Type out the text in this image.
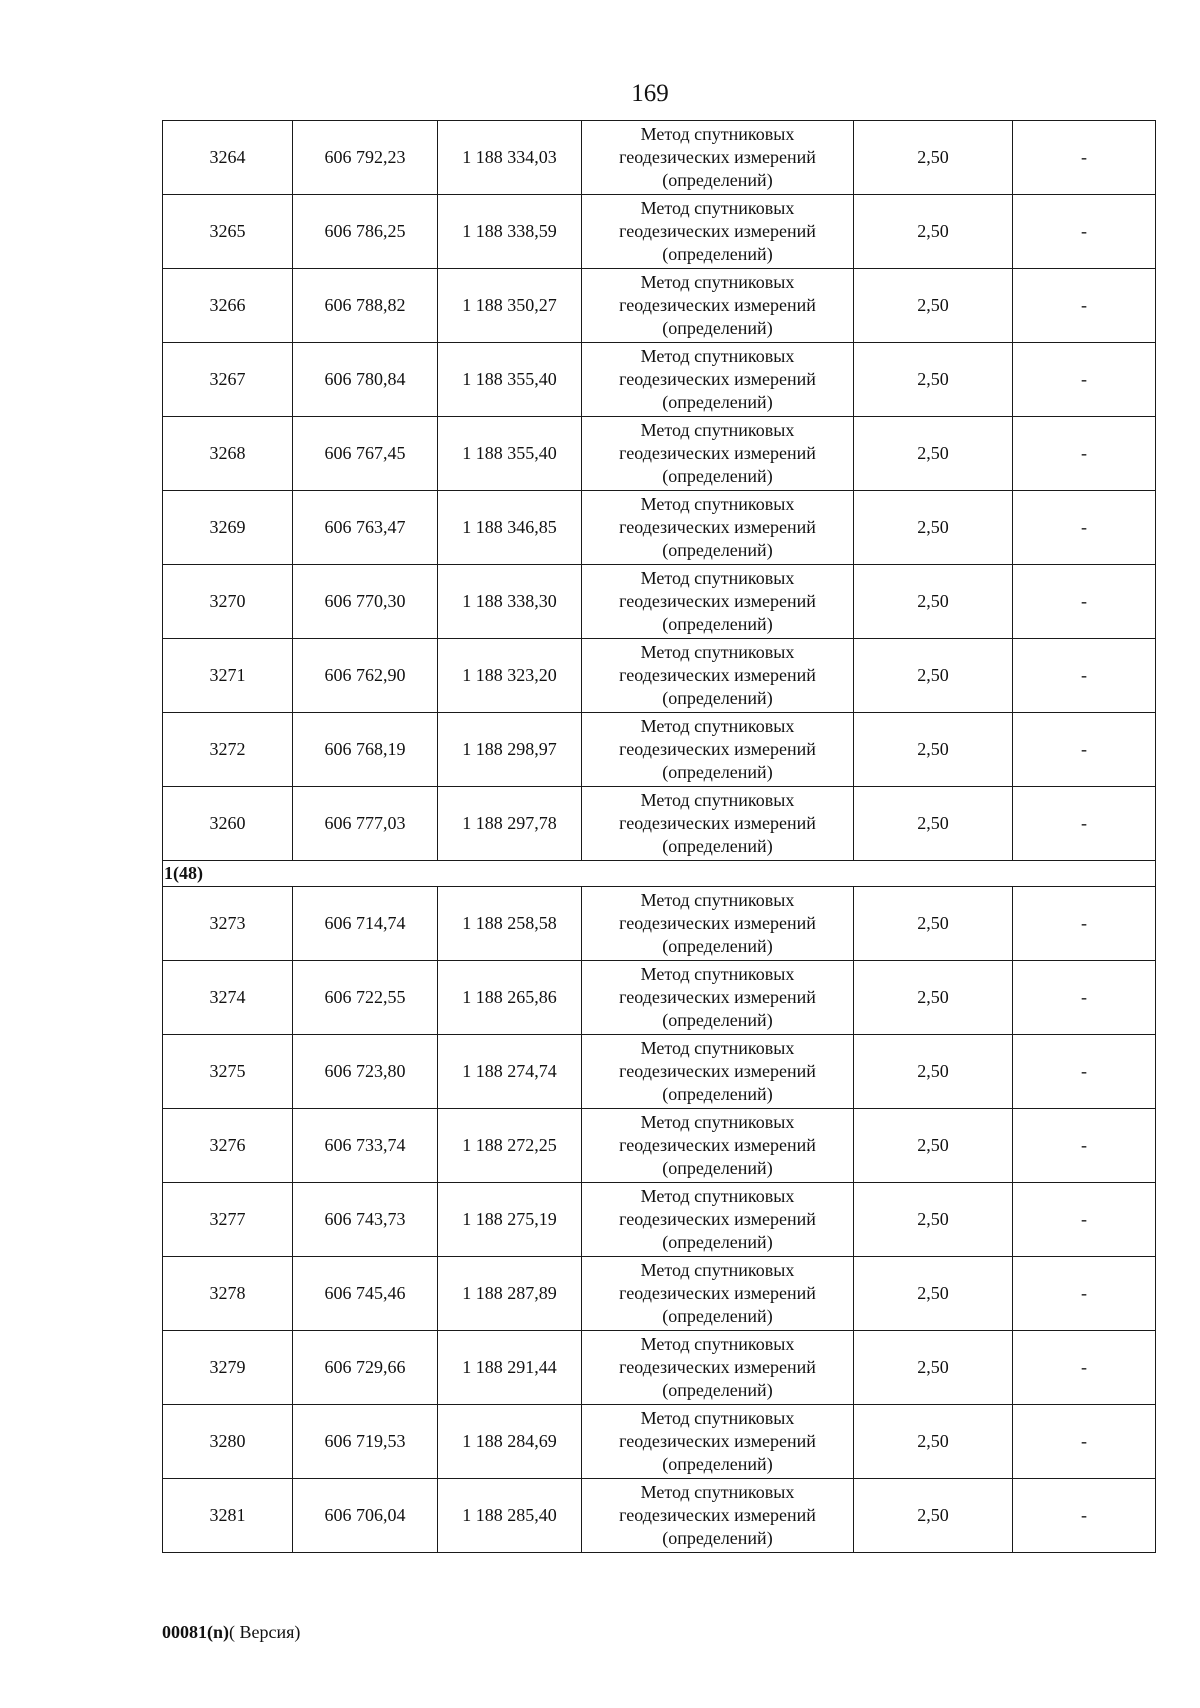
169
3264	606 792,23	1 188 334,03	Метод спутниковых
геодезических измерений
(определений)	2,50	-
3265	606 786,25	1 188 338,59	Метод спутниковых
геодезических измерений
(определений)	2,50	-
3266	606 788,82	1 188 350,27	Метод спутниковых
геодезических измерений
(определений)	2,50	-
3267	606 780,84	1 188 355,40	Метод спутниковых
геодезических измерений
(определений)	2,50	-
3268	606 767,45	1 188 355,40	Метод спутниковых
геодезических измерений
(определений)	2,50	-
3269	606 763,47	1 188 346,85	Метод спутниковых
геодезических измерений
(определений)	2,50	-
3270	606 770,30	1 188 338,30	Метод спутниковых
геодезических измерений
(определений)	2,50	-
3271	606 762,90	1 188 323,20	Метод спутниковых
геодезических измерений
(определений)	2,50	-
3272	606 768,19	1 188 298,97	Метод спутниковых
геодезических измерений
(определений)	2,50	-
3260	606 777,03	1 188 297,78	Метод спутниковых
геодезических измерений
(определений)	2,50	-
1(48)					
3273	606 714,74	1 188 258,58	Метод спутниковых
геодезических измерений
(определений)	2,50	-
3274	606 722,55	1 188 265,86	Метод спутниковых
геодезических измерений
(определений)	2,50	-
3275	606 723,80	1 188 274,74	Метод спутниковых
геодезических измерений
(определений)	2,50	-
3276	606 733,74	1 188 272,25	Метод спутниковых
геодезических измерений
(определений)	2,50	-
3277	606 743,73	1 188 275,19	Метод спутниковых
геодезических измерений
(определений)	2,50	-
3278	606 745,46	1 188 287,89	Метод спутниковых
геодезических измерений
(определений)	2,50	-
3279	606 729,66	1 188 291,44	Метод спутниковых
геодезических измерений
(определений)	2,50	-
3280	606 719,53	1 188 284,69	Метод спутниковых
геодезических измерений
(определений)	2,50	-
3281	606 706,04	1 188 285,40	Метод спутниковых
геодезических измерений
(определений)	2,50	-
00081(n)( Версия)
